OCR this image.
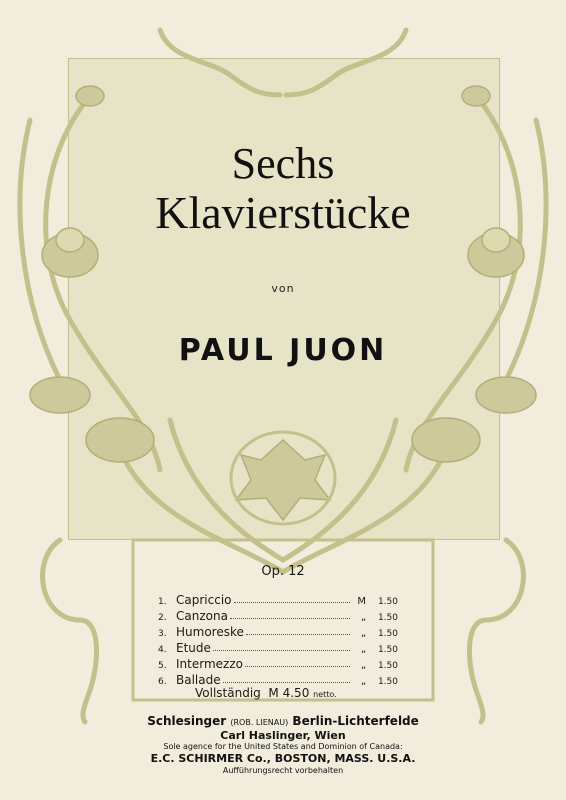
Sechs
Klavierstücke
von
PAUL JUON
Op. 12
1. Capriccio	M	1.50
2. Canzona	„	1.50
3. Humoreske	„	1.50
4. Etude	„	1.50
5. Intermezzo	„	1.50
6. Ballade	„	1.50
Vollständig M 4.50 netto.
Schlesinger (ROB. LIENAU) Berlin-Lichterfelde
Carl Haslinger, Wien
Sole agence for the United States and Dominion of Canada:
E.C. SCHIRMER Co., BOSTON, MASS. U.S.A.
Aufführungsrecht vorbehalten
